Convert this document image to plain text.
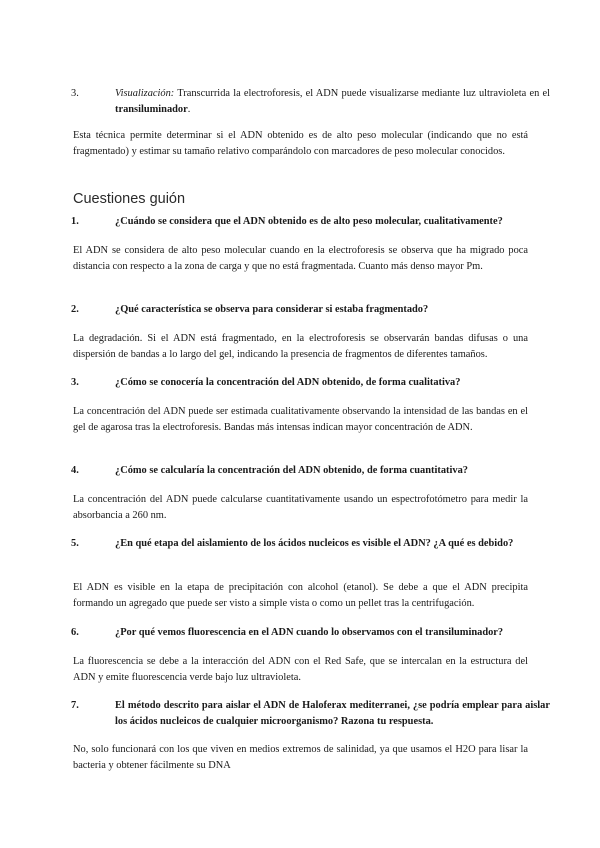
3.	Visualización: Transcurrida la electroforesis, el ADN puede visualizarse mediante luz ultravioleta en el transiluminador.

Esta técnica permite determinar si el ADN obtenido es de alto peso molecular (indicando que no está fragmentado) y estimar su tamaño relativo comparándolo con marcadores de peso molecular conocidos.

Cuestiones guión

1.	¿Cuándo se considera que el ADN obtenido es de alto peso molecular, cualitativamente?

El ADN se considera de alto peso molecular cuando en la electroforesis se observa que ha migrado poca distancia con respecto a la zona de carga y que no está fragmentada. Cuanto más denso mayor Pm.

2.	¿Qué característica se observa para considerar si estaba fragmentado?

La degradación. Si el ADN está fragmentado, en la electroforesis se observarán bandas difusas o una dispersión de bandas a lo largo del gel, indicando la presencia de fragmentos de diferentes tamaños.

3.	¿Cómo se conocería la concentración del ADN obtenido, de forma cualitativa?

La concentración del ADN puede ser estimada cualitativamente observando la intensidad de las bandas en el gel de agarosa tras la electroforesis. Bandas más intensas indican mayor concentración de ADN.

4.	¿Cómo se calcularía la concentración del ADN obtenido, de forma cuantitativa?

La concentración del ADN puede calcularse cuantitativamente usando un espectrofotómetro para medir la absorbancia a 260 nm.

5.	¿En qué etapa del aislamiento de los ácidos nucleicos es visible el ADN? ¿A qué es debido?

El ADN es visible en la etapa de precipitación con alcohol (etanol). Se debe a que el ADN precipita formando un agregado que puede ser visto a simple vista o como un pellet tras la centrifugación.

6.	¿Por qué vemos fluorescencia en el ADN cuando lo observamos con el transiluminador?

La fluorescencia se debe a la interacción del ADN con el Red Safe, que se intercalan en la estructura del ADN y emite fluorescencia verde bajo luz ultravioleta.

7.	El método descrito para aislar el ADN de Haloferax mediterranei, ¿se podría emplear para aislar los ácidos nucleicos de cualquier microorganismo? Razona tu respuesta.

No, solo funcionará con los que viven en medios extremos de salinidad, ya que usamos el H2O para lisar la bacteria y obtener fácilmente su DNA
